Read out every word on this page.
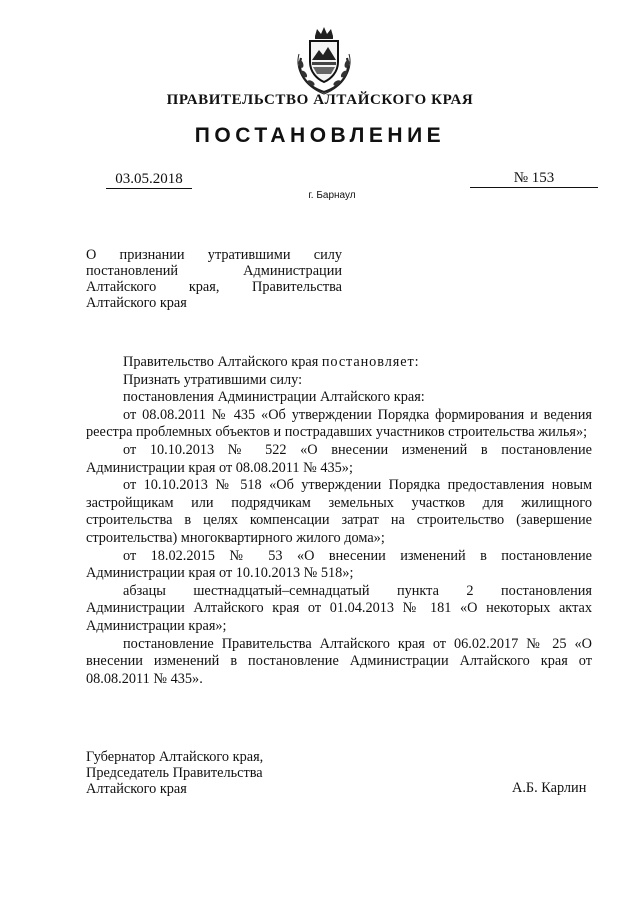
ПРАВИТЕЛЬСТВО АЛТАЙСКОГО КРАЯ
ПОСТАНОВЛЕНИЕ
03.05.2018	№ 153
г. Барнаул
О признании утратившими силу постановлений Администрации Алтайского края, Правительства Алтайского края

Правительство Алтайского края постановляет:

Признать утратившими силу:

постановления Администрации Алтайского края:

от 08.08.2011 № 435 «Об утверждении Порядка формирования и ведения реестра проблемных объектов и пострадавших участников строительства жилья»;

от 10.10.2013 № 522 «О внесении изменений в постановление Администрации края от 08.08.2011 № 435»;

от 10.10.2013 № 518 «Об утверждении Порядка предоставления новым застройщикам или подрядчикам земельных участков для жилищного строительства в целях компенсации затрат на строительство (завершение строительства) многоквартирного жилого дома»;

от 18.02.2015 № 53 «О внесении изменений в постановление Администрации края от 10.10.2013 № 518»;

абзацы шестнадцатый–семнадцатый пункта 2 постановления Администрации Алтайского края от 01.04.2013 № 181 «О некоторых актах Администрации края»;

постановление Правительства Алтайского края от 06.02.2017 № 25 «О внесении изменений в постановление Администрации Алтайского края от 08.08.2011 № 435».

Губернатор Алтайского края,
Председатель Правительства
Алтайского края	А.Б. Карлин
